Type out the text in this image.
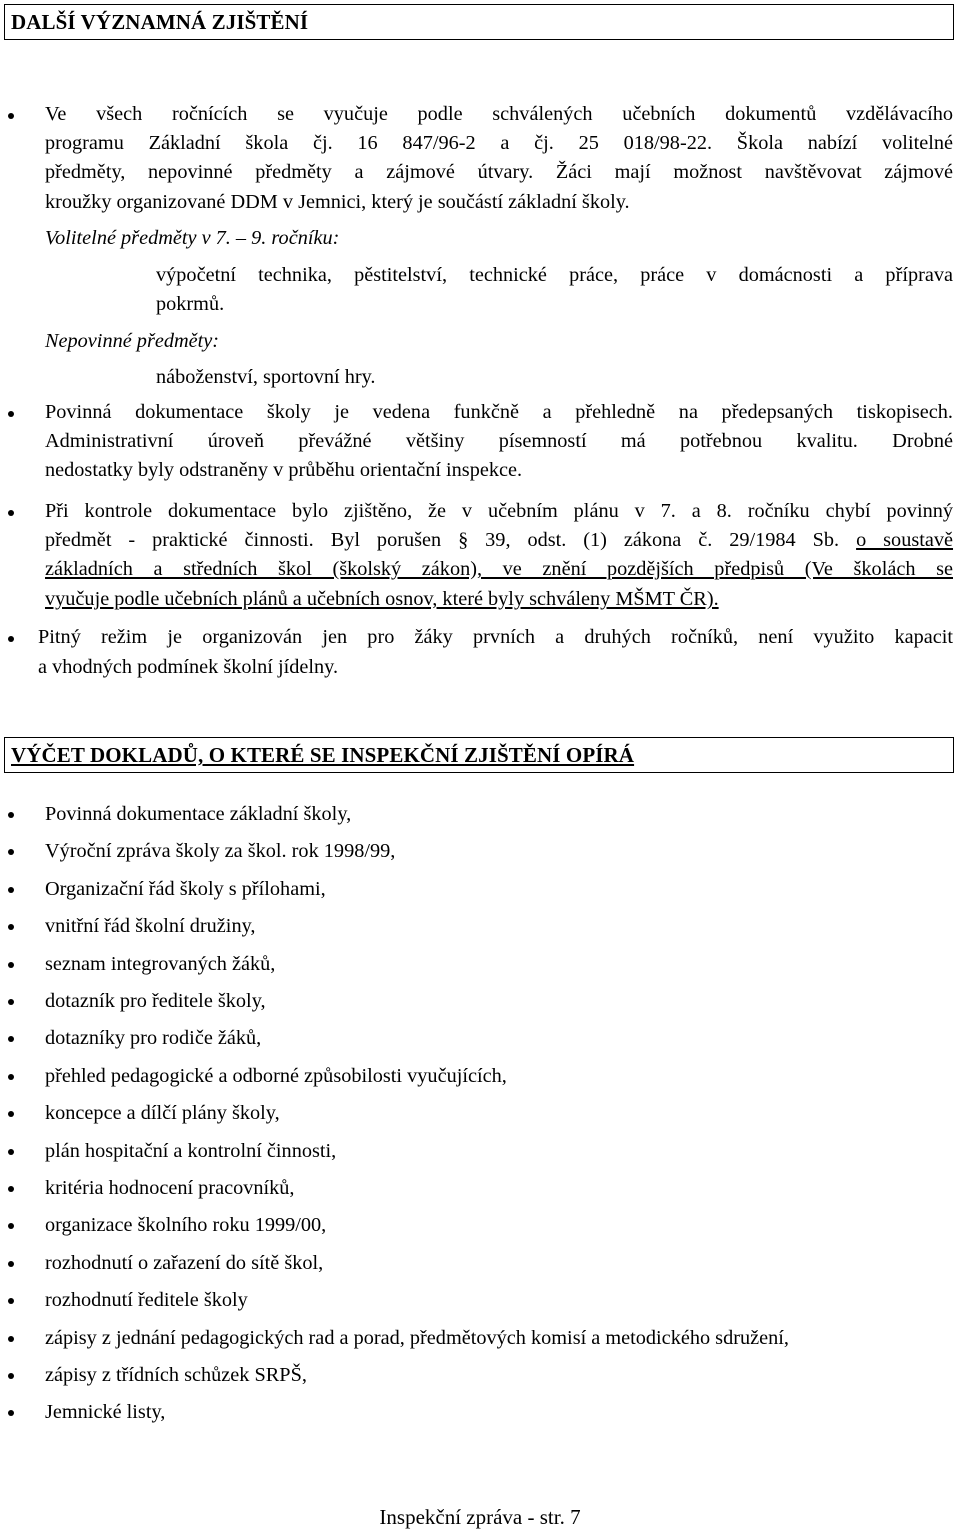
DALŠÍ VÝZNAMNÁ ZJIŠTĚNÍ
Ve všech ročnících se vyučuje podle schválených učebních dokumentů vzdělávacího
programu Základní škola čj. 16 847/96-2 a čj. 25 018/98-22. Škola nabízí volitelné
předměty, nepovinné předměty a zájmové útvary. Žáci mají možnost navštěvovat zájmové
kroužky organizované DDM v Jemnici, který je součástí základní školy.
Volitelné předměty v 7. – 9. ročníku:
výpočetní technika, pěstitelství, technické práce, práce v domácnosti a příprava
pokrmů.
Nepovinné předměty:
náboženství, sportovní hry.
Povinná dokumentace školy je vedena funkčně a přehledně na předepsaných tiskopisech.
Administrativní úroveň převážné většiny písemností má potřebnou kvalitu. Drobné
nedostatky byly odstraněny v průběhu orientační inspekce.
Při kontrole dokumentace bylo zjištěno, že v učebním plánu v 7. a 8. ročníku chybí povinný
předmět - praktické činnosti. Byl porušen § 39, odst. (1) zákona č. 29/1984 Sb. o soustavě
základních a středních škol (školský zákon), ve znění pozdějších předpisů (Ve školách se
vyučuje podle učebních plánů a učebních osnov, které byly schváleny MŠMT ČR).
Pitný režim je organizován jen pro žáky prvních a druhých ročníků, není využito kapacit
a vhodných podmínek školní jídelny.
VÝČET DOKLADŮ, O KTERÉ SE INSPEKČNÍ ZJIŠTĚNÍ OPÍRÁ
Povinná dokumentace základní školy,
Výroční zpráva školy za škol. rok 1998/99,
Organizační řád školy s přílohami,
vnitřní řád školní družiny,
seznam integrovaných žáků,
dotazník pro ředitele školy,
dotazníky pro rodiče žáků,
přehled pedagogické a odborné způsobilosti vyučujících,
koncepce a dílčí plány školy,
plán hospitační a kontrolní činnosti,
kritéria hodnocení pracovníků,
organizace školního roku 1999/00,
rozhodnutí o zařazení do sítě škol,
rozhodnutí ředitele školy
zápisy z jednání pedagogických rad a porad, předmětových komisí a metodického sdružení,
zápisy z třídních schůzek SRPŠ,
Jemnické listy,
Inspekční zpráva - str. 7
